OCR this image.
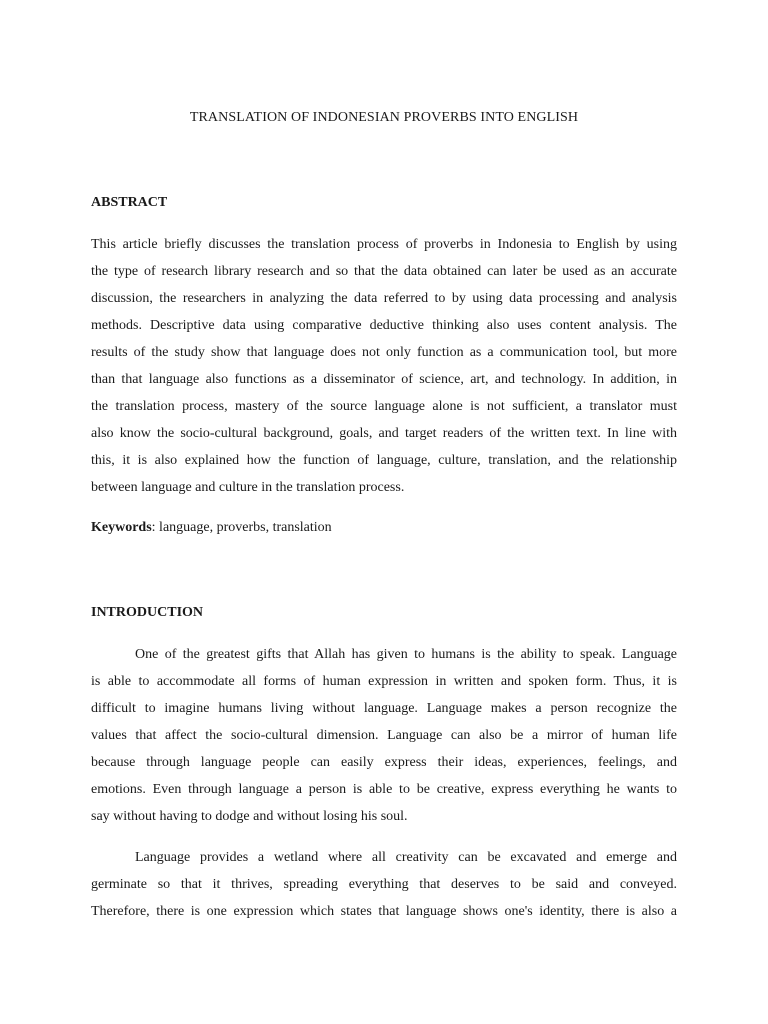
TRANSLATION OF INDONESIAN PROVERBS INTO ENGLISH
ABSTRACT
This article briefly discusses the translation process of proverbs in Indonesia to English by using
the type of research library research and so that the data obtained can later be used as an accurate
discussion, the researchers in analyzing the data referred to by using data processing and analysis
methods. Descriptive data using comparative deductive thinking also uses content analysis. The
results of the study show that language does not only function as a communication tool, but more
than that language also functions as a disseminator of science, art, and technology. In addition, in
the translation process, mastery of the source language alone is not sufficient, a translator must
also know the socio-cultural background, goals, and target readers of the written text. In line with
this, it is also explained how the function of language, culture, translation, and the relationship
between language and culture in the translation process.
Keywords: language, proverbs, translation
INTRODUCTION
One of the greatest gifts that Allah has given to humans is the ability to speak. Language
is able to accommodate all forms of human expression in written and spoken form. Thus, it is
difficult to imagine humans living without language. Language makes a person recognize the
values that affect the socio-cultural dimension. Language can also be a mirror of human life
because through language people can easily express their ideas, experiences, feelings, and
emotions. Even through language a person is able to be creative, express everything he wants to
say without having to dodge and without losing his soul.
Language provides a wetland where all creativity can be excavated and emerge and
germinate so that it thrives, spreading everything that deserves to be said and conveyed.
Therefore, there is one expression which states that language shows one's identity, there is also a
